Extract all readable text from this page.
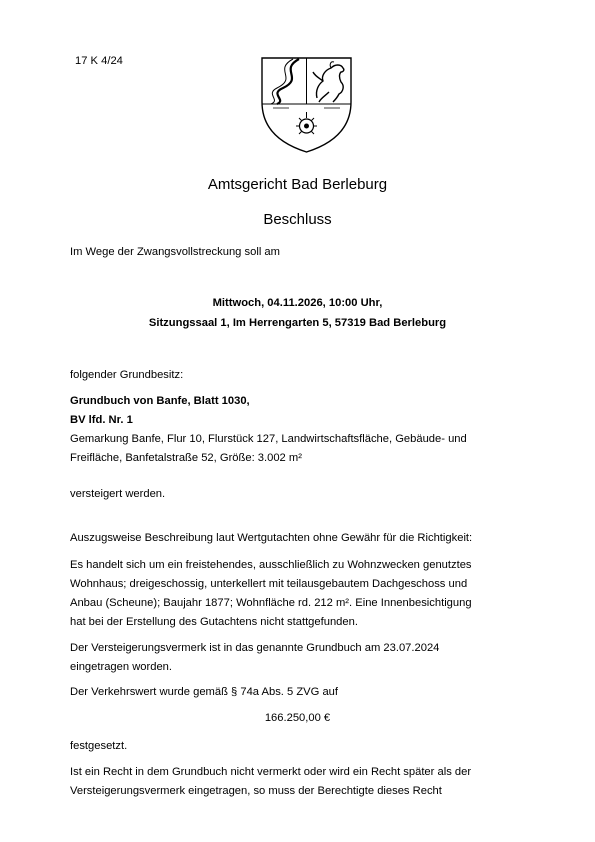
17 K 4/24
Amtsgericht Bad Berleburg
Beschluss
Im Wege der Zwangsvollstreckung soll am
Mittwoch, 04.11.2026, 10:00 Uhr,
Sitzungssaal 1, Im Herrengarten 5, 57319 Bad Berleburg
folgender Grundbesitz:
Grundbuch von Banfe, Blatt 1030,
BV lfd. Nr. 1
Gemarkung Banfe, Flur 10, Flurstück 127, Landwirtschaftsfläche, Gebäude- und
Freifläche, Banfetalstraße 52, Größe: 3.002 m²
versteigert werden.
Auszugsweise Beschreibung laut Wertgutachten ohne Gewähr für die Richtigkeit:
Es handelt sich um ein freistehendes, ausschließlich zu Wohnzwecken genutztes
Wohnhaus; dreigeschossig, unterkellert mit teilausgebautem Dachgeschoss und
Anbau (Scheune); Baujahr 1877; Wohnfläche rd. 212 m². Eine Innenbesichtigung
hat bei der Erstellung des Gutachtens nicht stattgefunden.
Der Versteigerungsvermerk ist in das genannte Grundbuch am 23.07.2024
eingetragen worden.
Der Verkehrswert wurde gemäß § 74a Abs. 5 ZVG auf
166.250,00 €
festgesetzt.
Ist ein Recht in dem Grundbuch nicht vermerkt oder wird ein Recht später als der
Versteigerungsvermerk eingetragen, so muss der Berechtigte dieses Recht
